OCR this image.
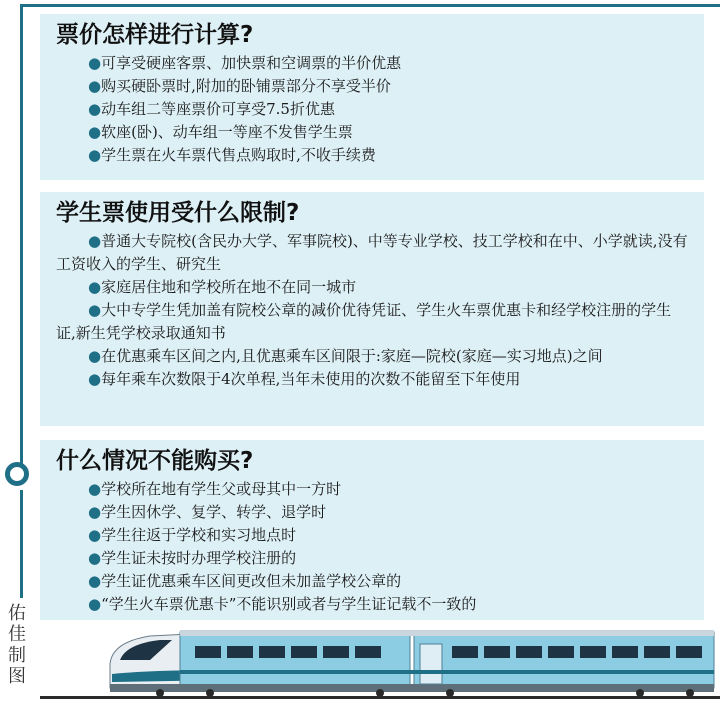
票价怎样进行计算?

●可享受硬座客票、加快票和空调票的半价优惠

●购买硬卧票时,附加的卧铺票部分不享受半价

●动车组二等座票价可享受7.5折优惠

●软座(卧)、动车组一等座不发售学生票

●学生票在火车票代售点购取时,不收手续费

学生票使用受什么限制?

●普通大专院校(含民办大学、军事院校)、中等专业学校、技工学校和在中、小学就读,没有工资收入的学生、研究生

●家庭居住地和学校所在地不在同一城市

●大中专学生凭加盖有院校公章的减价优待凭证、学生火车票优惠卡和经学校注册的学生证,新生凭学校录取通知书

●在优惠乘车区间之内,且优惠乘车区间限于:家庭—院校(家庭—实习地点)之间

●每年乘车次数限于4次单程,当年未使用的次数不能留至下年使用

什么情况不能购买?

●学校所在地有学生父或母其中一方时

●学生因休学、复学、转学、退学时

●学生往返于学校和实习地点时

●学生证未按时办理学校注册的

●学生证优惠乘车区间更改但未加盖学校公章的

●“学生火车票优惠卡”不能识别或者与学生证记载不一致的

佑佳制图
